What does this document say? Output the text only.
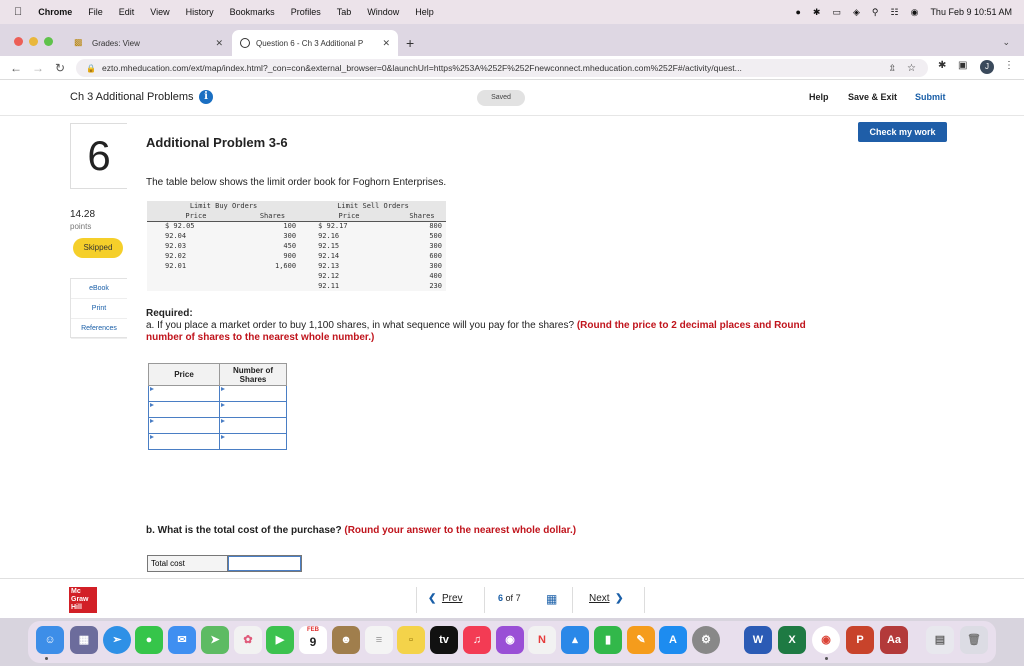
Chrome File Edit View History Bookmarks Profiles Tab Window Help	● ✱ ▭ ◈ ⚲ ☷ ◉ Thu Feb 9 10:51 AM
▩	Grades: View	✕	Question 6 - Ch 3 Additional P ✕ +	⌄
← → ↻	🔒 ezto.mheducation.com/ext/map/index.html?_con=con&external_browser=0&launchUrl=https%253A%252F%252Fnewconnect.mheducation.com%252F#/activity/quest...	⇫ ☆ ✱ ▣	⋮
J
Ch 3 Additional Problems	i	Saved	Help Save & Exit Submit
Check my work
6
14.28
points
Skipped
eBook
Print
References
Additional Problem 3-6
The table below shows the limit order book for Foghorn Enterprises.
Limit Buy Orders		Limit Sell Orders	
Price	Shares	Price	Shares
$ 92.05	100	$ 92.17	800
92.04	300	92.16	500
92.03	450	92.15	300
92.02	900	92.14	600
92.01	1,600	92.13	300
		92.12	400
		92.11	230
Required:
a. If you place a market order to buy 1,100 shares, in what sequence will you pay for the shares? (Round the price to 2 decimal places and Round number of shares to the nearest whole number.)
Price	Number of Shares

b. What is the total cost of the purchase? (Round your answer to the nearest whole dollar.)
Total cost
Mc Graw Hill
❮ Prev	6 of 7 ▦	Next ❯
☺	▦	➢	●	✉	➤	✿	▶
FEB
9	☻	≡	▫	tv	♫	◉	N	▴	▮	✎	A	⚙	W	X	◉	P	Aa	▤	🗑
